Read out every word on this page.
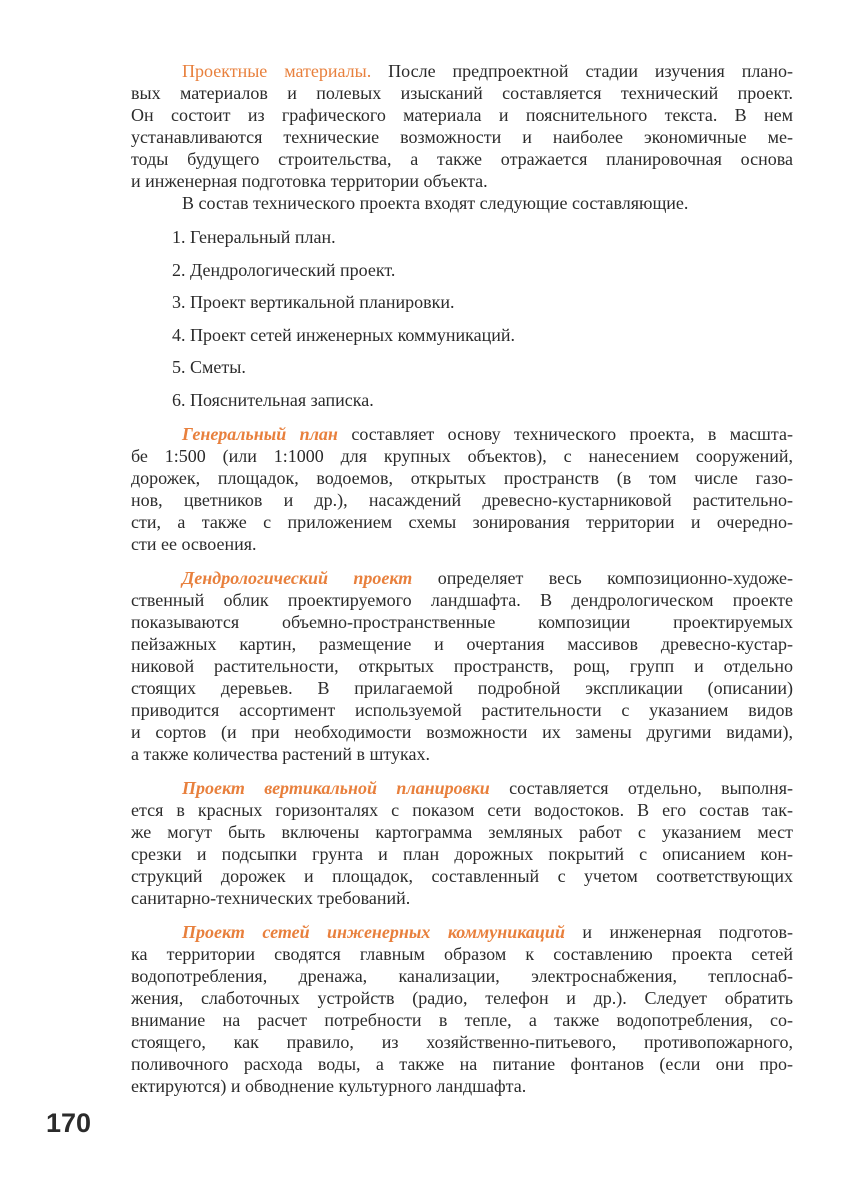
Проектные материалы. После предпроектной стадии изучения плано-
вых материалов и полевых изысканий составляется технический проект.
Он состоит из графического материала и пояснительного текста. В нем
устанавливаются технические возможности и наиболее экономичные ме-
тоды будущего строительства, а также отражается планировочная основа
и инженерная подготовка территории объекта.
В состав технического проекта входят следующие составляющие.
1. Генеральный план.
2. Дендрологический проект.
3. Проект вертикальной планировки.
4. Проект сетей инженерных коммуникаций.
5. Сметы.
6. Пояснительная записка.
Генеральный план составляет основу технического проекта, в масшта-
бе 1:500 (или 1:1000 для крупных объектов), с нанесением сооружений,
дорожек, площадок, водоемов, открытых пространств (в том числе газо-
нов, цветников и др.), насаждений древесно-кустарниковой растительно-
сти, а также с приложением схемы зонирования территории и очередно-
сти ее освоения.
Дендрологический проект определяет весь композиционно-художе-
ственный облик проектируемого ландшафта. В дендрологическом проекте
показываются объемно-пространственные композиции проектируемых
пейзажных картин, размещение и очертания массивов древесно-кустар-
никовой растительности, открытых пространств, рощ, групп и отдельно
стоящих деревьев. В прилагаемой подробной экспликации (описании)
приводится ассортимент используемой растительности с указанием видов
и сортов (и при необходимости возможности их замены другими видами),
а также количества растений в штуках.
Проект вертикальной планировки составляется отдельно, выполня-
ется в красных горизонталях с показом сети водостоков. В его состав так-
же могут быть включены картограмма земляных работ с указанием мест
срезки и подсыпки грунта и план дорожных покрытий с описанием кон-
струкций дорожек и площадок, составленный с учетом соответствующих
санитарно-технических требований.
Проект сетей инженерных коммуникаций и инженерная подготов-
ка территории сводятся главным образом к составлению проекта сетей
водопотребления, дренажа, канализации, электроснабжения, теплоснаб-
жения, слаботочных устройств (радио, телефон и др.). Следует обратить
внимание на расчет потребности в тепле, а также водопотребления, со-
стоящего, как правило, из хозяйственно-питьевого, противопожарного,
поливочного расхода воды, а также на питание фонтанов (если они про-
ектируются) и обводнение культурного ландшафта.
170
